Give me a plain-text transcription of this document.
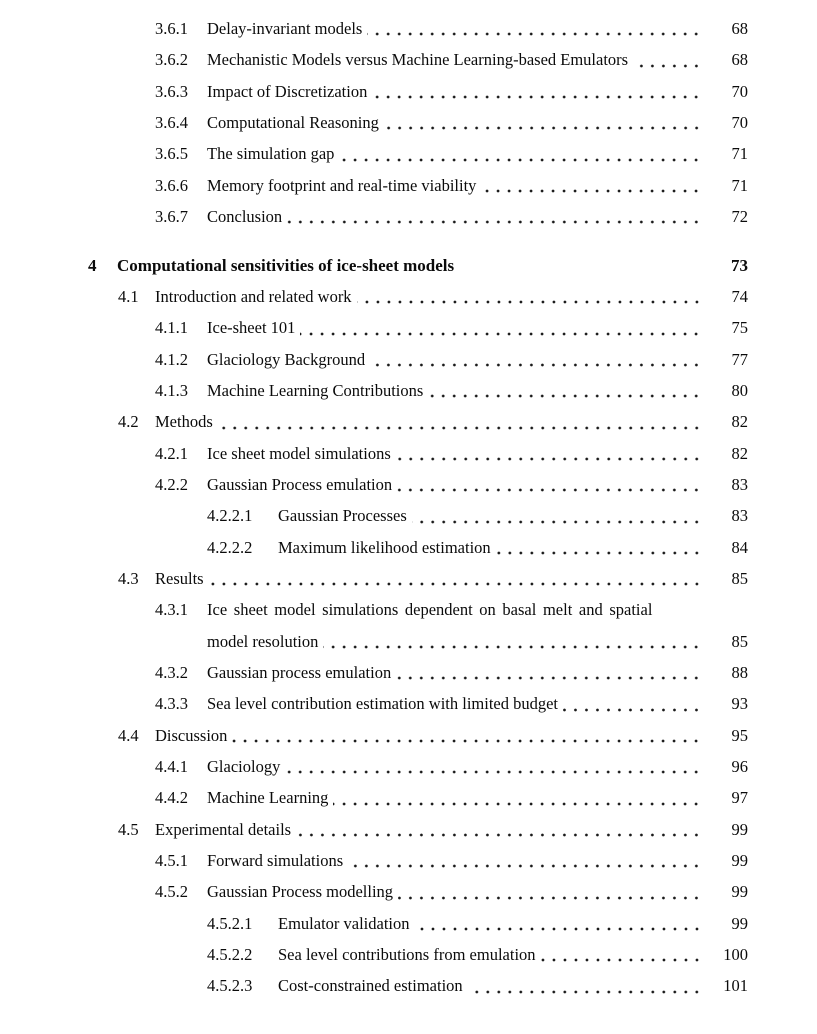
3.6.1	Delay-invariant models	68
3.6.2	Mechanistic Models versus Machine Learning-based Emulators	68
3.6.3	Impact of Discretization	70
3.6.4	Computational Reasoning	70
3.6.5	The simulation gap	71
3.6.6	Memory footprint and real-time viability	71
3.6.7	Conclusion	72
4	Computational sensitivities of ice-sheet models	73
4.1 Introduction and related work	74
4.1.1	Ice-sheet 101	75
4.1.2	Glaciology Background	77
4.1.3	Machine Learning Contributions	80
4.2 Methods	82
4.2.1	Ice sheet model simulations	82
4.2.2	Gaussian Process emulation	83
4.2.2.1	Gaussian Processes	83
4.2.2.2	Maximum likelihood estimation	84
4.3 Results	85
4.3.1	Ice sheet model simulations dependent on basal melt and spatial
model resolution	85
4.3.2	Gaussian process emulation	88
4.3.3	Sea level contribution estimation with limited budget	93
4.4 Discussion	95
4.4.1	Glaciology	96
4.4.2	Machine Learning	97
4.5 Experimental details	99
4.5.1	Forward simulations	99
4.5.2	Gaussian Process modelling	99
4.5.2.1	Emulator validation	99
4.5.2.2	Sea level contributions from emulation	100
4.5.2.3	Cost-constrained estimation	101
